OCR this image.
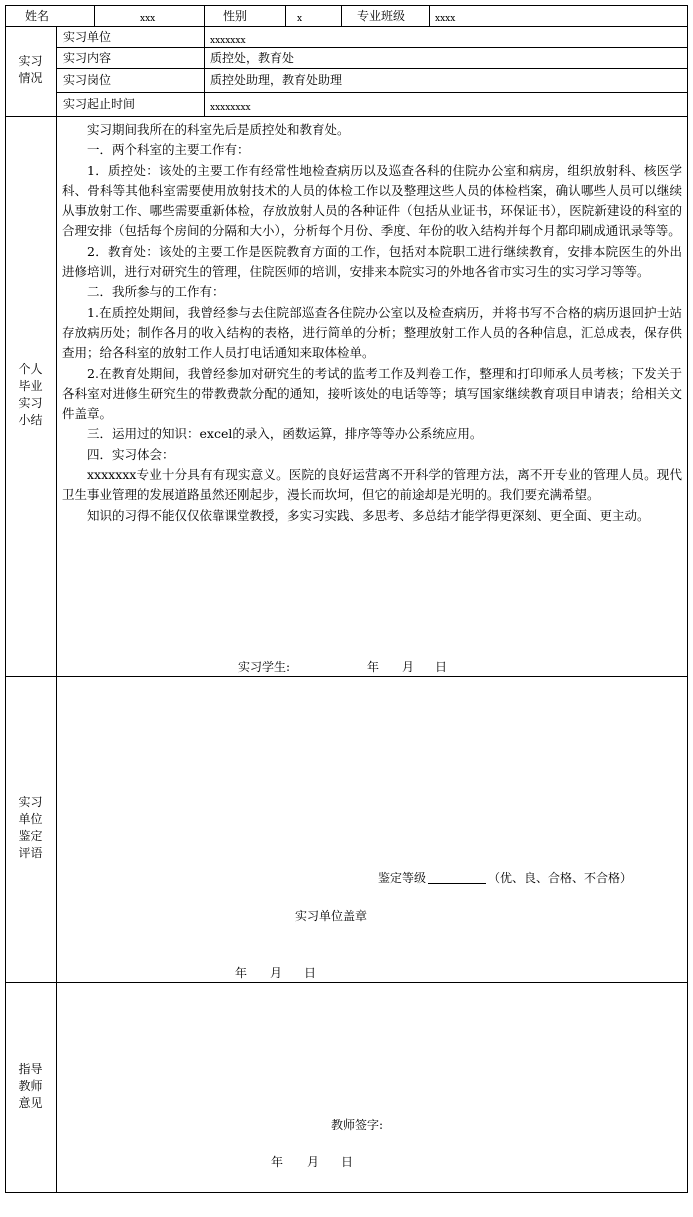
姓名	xxx	性别	x	专业班级	xxxx
实习
情况
实习单位	xxxxxxx
实习内容	质控处，教育处
实习岗位	质控处助理，教育处助理
实习起止时间	xxxxxxxx
个人
毕业
实习
小结

实习期间我所在的科室先后是质控处和教育处。

一．两个科室的主要工作有：

1．质控处：该处的主要工作有经常性地检查病历以及巡查各科的住院办公室和病房，组织放射科、核医学科、骨科等其他科室需要使用放射技术的人员的体检工作以及整理这些人员的体检档案，确认哪些人员可以继续从事放射工作、哪些需要重新体检，存放放射人员的各种证件（包括从业证书，环保证书），医院新建设的科室的合理安排（包括每个房间的分隔和大小），分析每个月份、季度、年份的收入结构并每个月都印刷成通讯录等等。

2．教育处：该处的主要工作是医院教育方面的工作，包括对本院职工进行继续教育，安排本院医生的外出进修培训，进行对研究生的管理，住院医师的培训，安排来本院实习的外地各省市实习生的实习学习等等。

二．我所参与的工作有：

1.在质控处期间，我曾经参与去住院部巡查各住院办公室以及检查病历，并将书写不合格的病历退回护士站存放病历处；制作各月的收入结构的表格，进行简单的分析；整理放射工作人员的各种信息，汇总成表，保存供查用；给各科室的放射工作人员打电话通知来取体检单。

2.在教育处期间，我曾经参加对研究生的考试的监考工作及判卷工作，整理和打印师承人员考核；下发关于各科室对进修生研究生的带教费款分配的通知，接听该处的电话等等；填写国家继续教育项目申请表；给相关文件盖章。

三．运用过的知识：excel的录入，函数运算，排序等等办公系统应用。

四．实习体会：

xxxxxxx专业十分具有有现实意义。医院的良好运营离不开科学的管理方法，离不开专业的管理人员。现代卫生事业管理的发展道路虽然还刚起步，漫长而坎坷，但它的前途却是光明的。我们要充满希望。

知识的习得不能仅仅依靠课堂教授，多实习实践、多思考、多总结才能学得更深刻、更全面、更主动。

实习学生:	年 月 日
实习
单位
鉴定
评语
鉴定等级	（优、良、合格、不合格）
实习单位盖章
年 月 日
指导
教师
意见
教师签字:
年 月 日
